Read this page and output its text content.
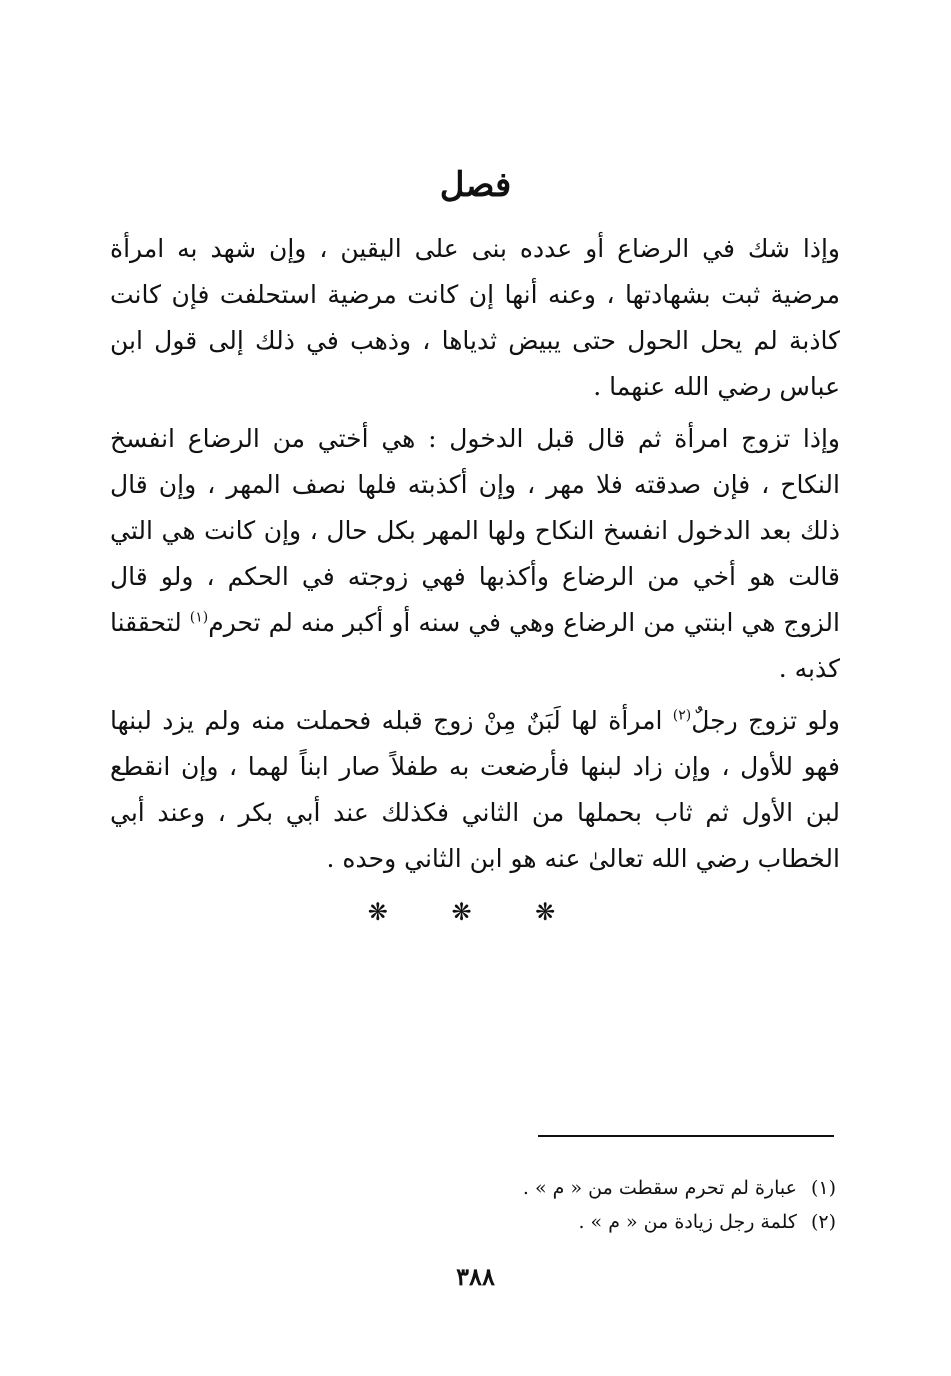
فصل

وإذا شك في الرضاع أو عدده بنى على اليقين ، وإن شهد به امرأة مرضية ثبت بشهادتها ، وعنه أنها إن كانت مرضية استحلفت فإن كانت كاذبة لم يحل الحول حتى يبيض ثدياها ، وذهب في ذلك إلى قول ابن عباس رضي الله عنهما .

وإذا تزوج امرأة ثم قال قبل الدخول : هي أختي من الرضاع انفسخ النكاح ، فإن صدقته فلا مهر ، وإن أكذبته فلها نصف المهر ، وإن قال ذلك بعد الدخول انفسخ النكاح ولها المهر بكل حال ، وإن كانت هي التي قالت هو أخي من الرضاع وأكذبها فهي زوجته في الحكم ، ولو قال الزوج هي ابنتي من الرضاع وهي في سنه أو أكبر منه لم تحرم$^{(١)}$ لتحققنا كذبه .

ولو تزوج رجلٌ$^{(٢)}$ امرأة لها لَبَنٌ مِنْ زوج قبله فحملت منه ولم يزد لبنها فهو للأول ، وإن زاد لبنها فأرضعت به طفلاً صار ابناً لهما ، وإن انقطع لبن الأول ثم ثاب بحملها من الثاني فكذلك عند أبي بكر ، وعند أبي الخطاب رضي الله تعالىٰ عنه هو ابن الثاني وحده .

❋ ❋ ❋

(١)عبارة لم تحرم سقطت من « م » .

(٢)كلمة رجل زيادة من « م » .

٣٨٨
